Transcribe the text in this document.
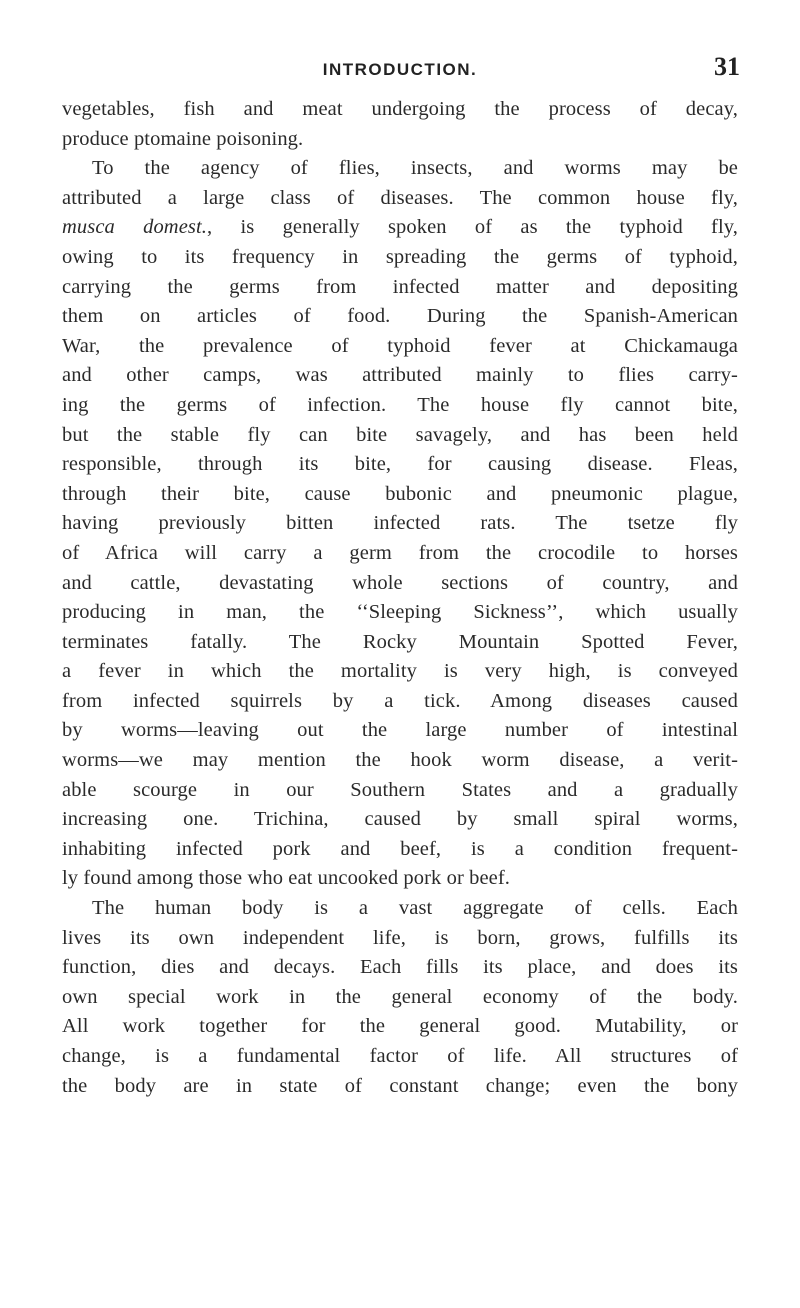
INTRODUCTION.	31
vegetables, fish and meat undergoing the process of decay,
produce ptomaine poisoning.
To the agency of flies, insects, and worms may be
attributed a large class of diseases. The common house fly,
musca domest., is generally spoken of as the typhoid fly,
owing to its frequency in spreading the germs of typhoid,
carrying the germs from infected matter and depositing
them on articles of food. During the Spanish-American
War, the prevalence of typhoid fever at Chickamauga
and other camps, was attributed mainly to flies carry-
ing the germs of infection. The house fly cannot bite,
but the stable fly can bite savagely, and has been held
responsible, through its bite, for causing disease. Fleas,
through their bite, cause bubonic and pneumonic plague,
having previously bitten infected rats. The tsetze fly
of Africa will carry a germ from the crocodile to horses
and cattle, devastating whole sections of country, and
producing in man, the ‘‘Sleeping Sickness’’, which usually
terminates fatally. The Rocky Mountain Spotted Fever,
a fever in which the mortality is very high, is conveyed
from infected squirrels by a tick. Among diseases caused
by worms—leaving out the large number of intestinal
worms—we may mention the hook worm disease, a verit-
able scourge in our Southern States and a gradually
increasing one. Trichina, caused by small spiral worms,
inhabiting infected pork and beef, is a condition frequent-
ly found among those who eat uncooked pork or beef.
The human body is a vast aggregate of cells. Each
lives its own independent life, is born, grows, fulfills its
function, dies and decays. Each fills its place, and does its
own special work in the general economy of the body.
All work together for the general good. Mutability, or
change, is a fundamental factor of life. All structures of
the body are in state of constant change; even the bony
